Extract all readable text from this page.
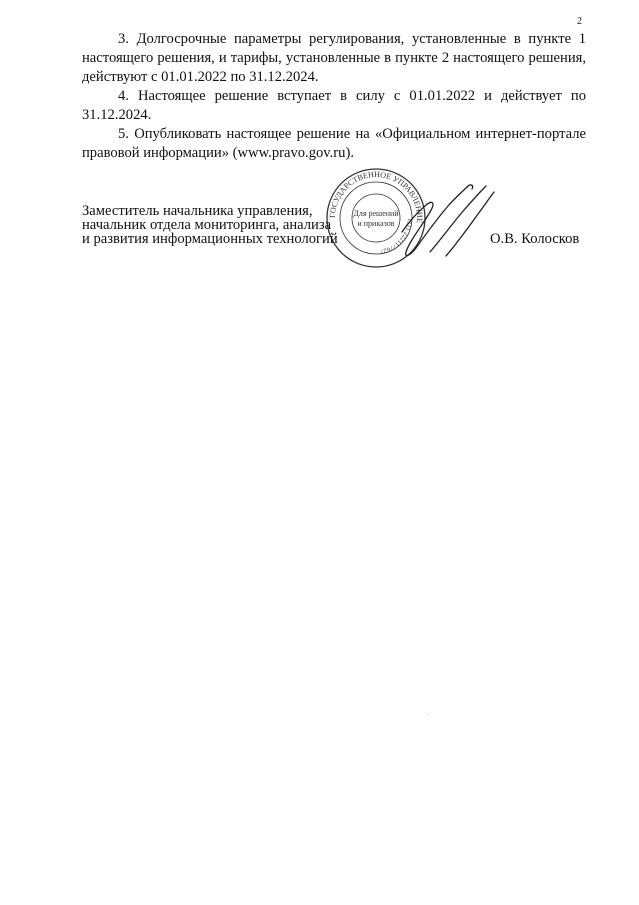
2

3. Долгосрочные параметры регулирования, установленные в пункте 1 настоящего решения, и тарифы, установленные в пункте 2 настоящего решения, действуют с 01.01.2022 по 31.12.2024.

4. Настоящее решение вступает в силу с 01.01.2022 и действует по 31.12.2024.

5. Опубликовать настоящее решение на «Официальном интернет-портале правовой информации» (www.pravo.gov.ru).

Заместитель начальника управления,
начальник отдела мониторинга, анализа
и развития информационных технологий	О.В. Колосков
ГОСУДАРСТВЕННОЕ УПРАВЛЕНИЕ
1111 2221177627
Для решений
и приказов
